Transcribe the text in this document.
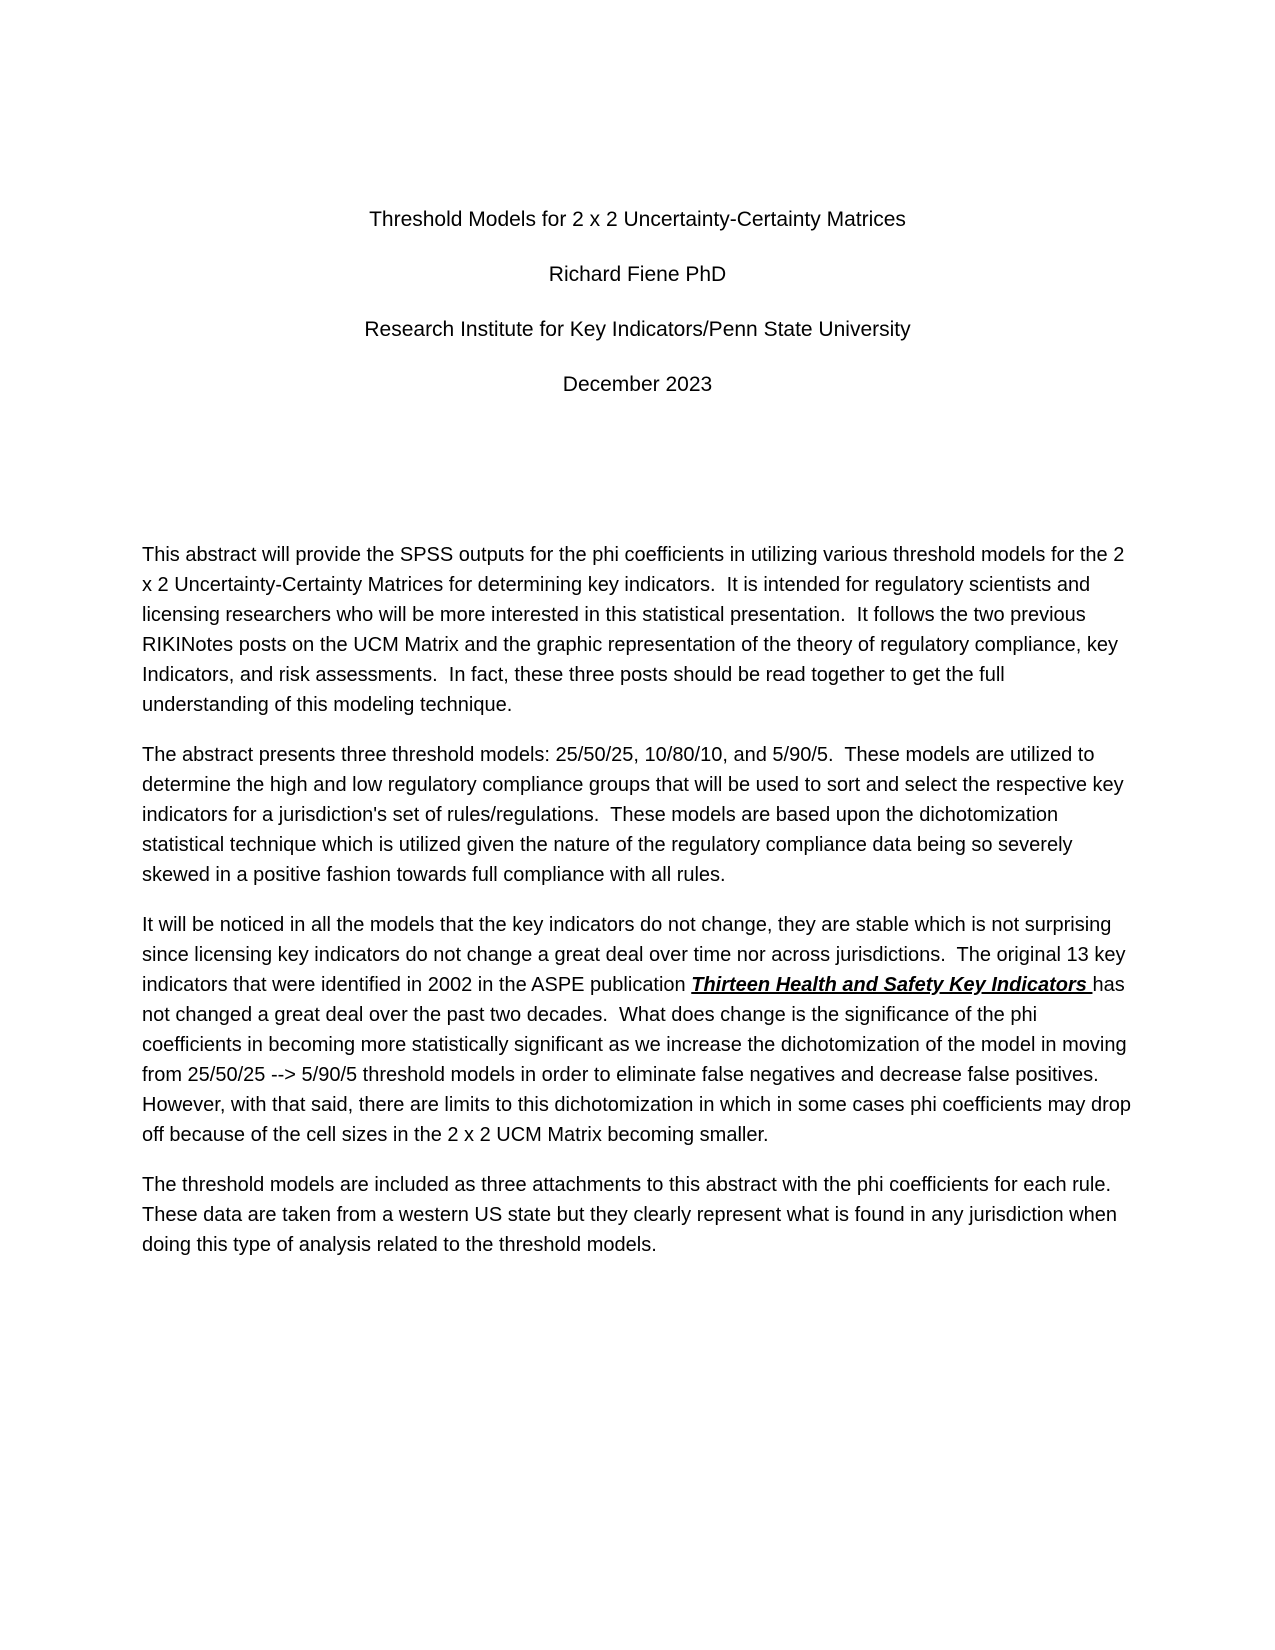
Threshold Models for 2 x 2 Uncertainty-Certainty Matrices

Richard Fiene PhD

Research Institute for Key Indicators/Penn State University

December 2023

This abstract will provide the SPSS outputs for the phi coefficients in utilizing various threshold models for the 2 x 2 Uncertainty-Certainty Matrices for determining key indicators.  It is intended for regulatory scientists and licensing researchers who will be more interested in this statistical presentation.  It follows the two previous RIKINotes posts on the UCM Matrix and the graphic representation of the theory of regulatory compliance, key Indicators, and risk assessments.  In fact, these three posts should be read together to get the full understanding of this modeling technique.

The abstract presents three threshold models: 25/50/25, 10/80/10, and 5/90/5.  These models are utilized to determine the high and low regulatory compliance groups that will be used to sort and select the respective key indicators for a jurisdiction's set of rules/regulations.  These models are based upon the dichotomization statistical technique which is utilized given the nature of the regulatory compliance data being so severely skewed in a positive fashion towards full compliance with all rules.

It will be noticed in all the models that the key indicators do not change, they are stable which is not surprising since licensing key indicators do not change a great deal over time nor across jurisdictions.  The original 13 key indicators that were identified in 2002 in the ASPE publication Thirteen Health and Safety Key Indicators has not changed a great deal over the past two decades.  What does change is the significance of the phi coefficients in becoming more statistically significant as we increase the dichotomization of the model in moving from 25/50/25 --> 5/90/5 threshold models in order to eliminate false negatives and decrease false positives.  However, with that said, there are limits to this dichotomization in which in some cases phi coefficients may drop off because of the cell sizes in the 2 x 2 UCM Matrix becoming smaller.

The threshold models are included as three attachments to this abstract with the phi coefficients for each rule.  These data are taken from a western US state but they clearly represent what is found in any jurisdiction when doing this type of analysis related to the threshold models.
